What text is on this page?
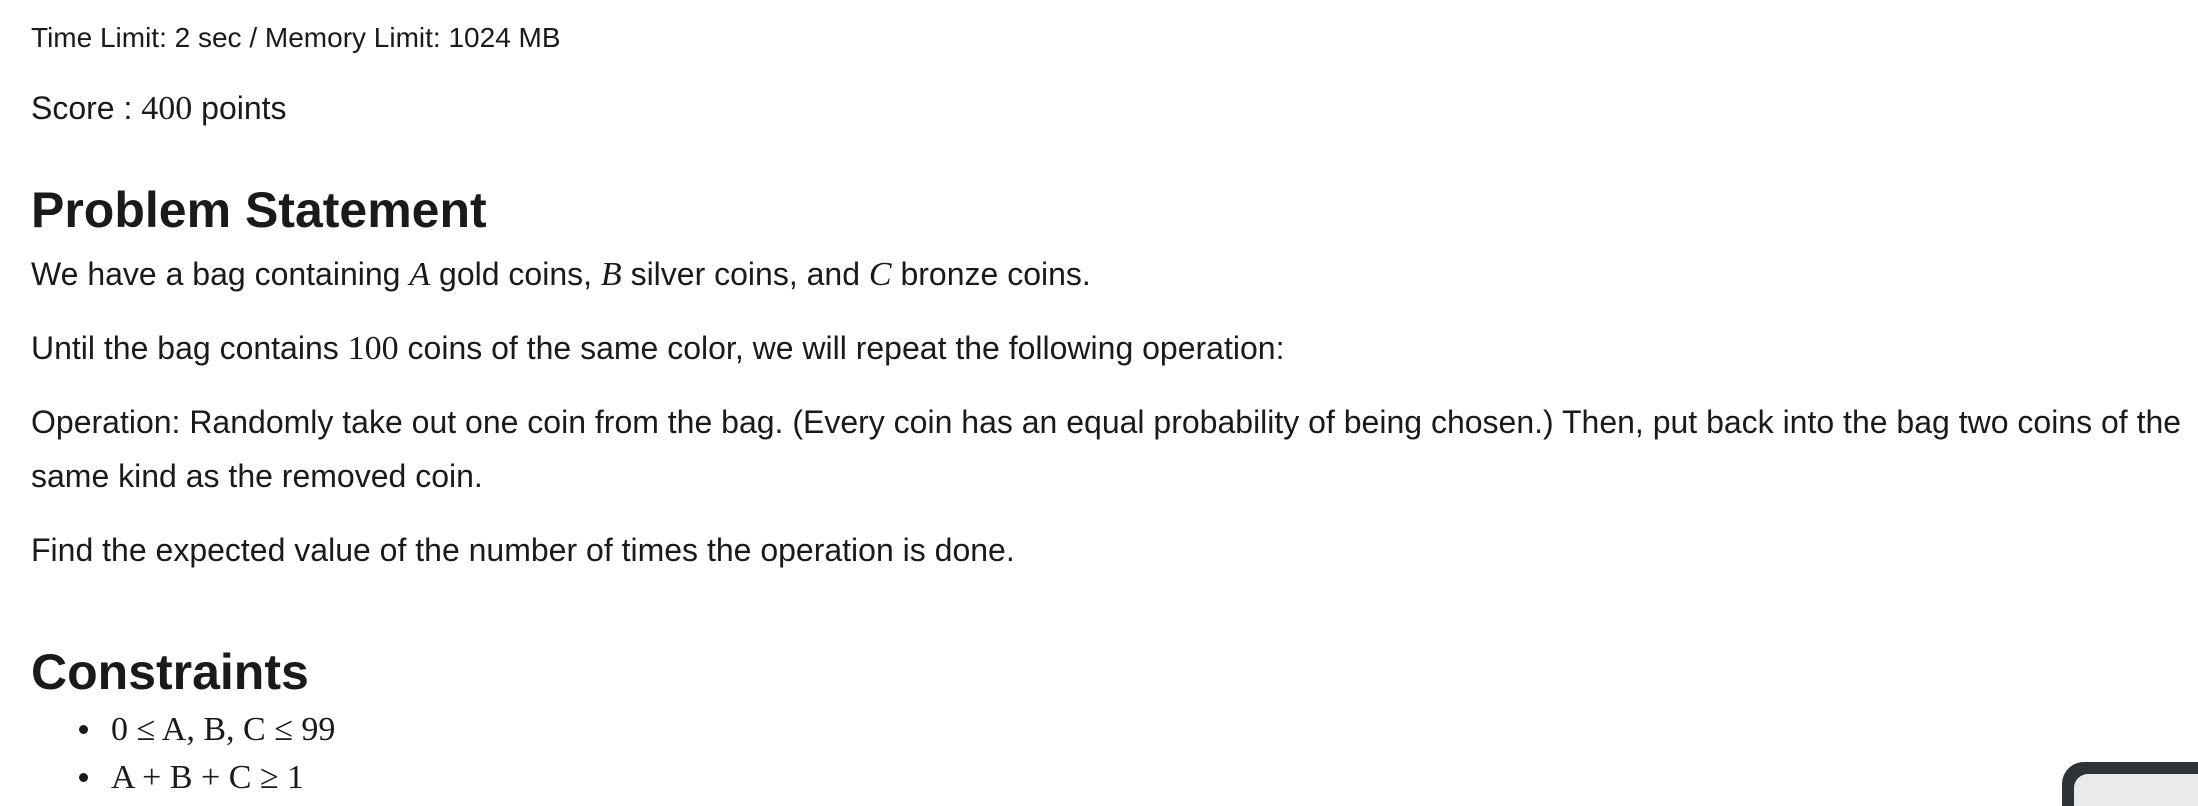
Time Limit: 2 sec / Memory Limit: 1024 MB
Score : 400 points
Problem Statement

We have a bag containing A gold coins, B silver coins, and C bronze coins.

Until the bag contains 100 coins of the same color, we will repeat the following operation:

Operation: Randomly take out one coin from the bag. (Every coin has an equal probability of being chosen.) Then, put back into the bag two coins of the same kind as the removed coin.

Find the expected value of the number of times the operation is done.

Constraints
0 ≤ A, B, C ≤ 99
A + B + C ≥ 1
